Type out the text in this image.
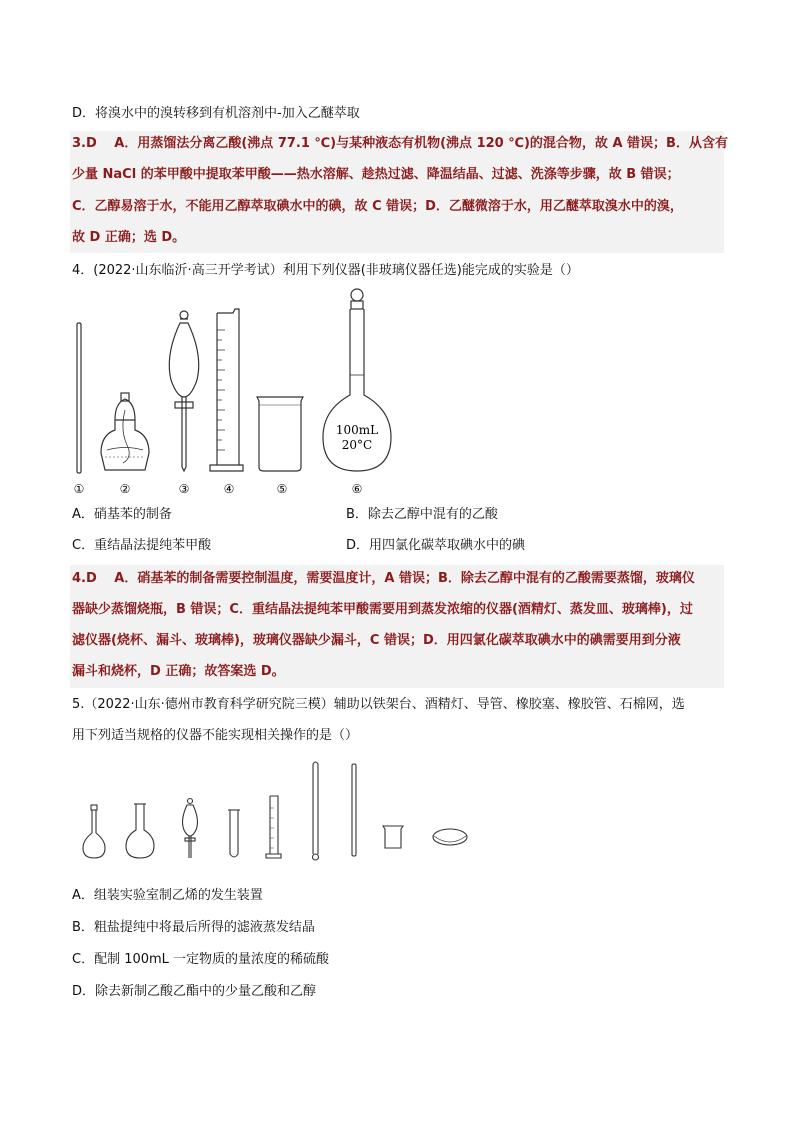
D．将溴水中的溴转移到有机溶剂中-加入乙醚萃取
3.D　 A．用蒸馏法分离乙酸(沸点 77.1 ℃)与某种液态有机物(沸点 120 ℃)的混合物，故 A 错误；B．从含有
少量 NaCl 的苯甲酸中提取苯甲酸——热水溶解、趁热过滤、降温结晶、过滤、洗涤等步骤，故 B 错误；
C．乙醇易溶于水，不能用乙醇萃取碘水中的碘，故 C 错误；D．乙醚微溶于水，用乙醚萃取溴水中的溴，
故 D 正确；选 D。
4．(2022·山东临沂·高三开学考试）利用下列仪器(非玻璃仪器任选)能完成的实验是（）
100mL
20°C
①	②	③	④	⑤	⑥
A．硝基苯的制备	B．除去乙醇中混有的乙酸
C．重结晶法提纯苯甲酸	D．用四氯化碳萃取碘水中的碘
4.D　 A．硝基苯的制备需要控制温度，需要温度计，A 错误；B．除去乙醇中混有的乙酸需要蒸馏，玻璃仪
器缺少蒸馏烧瓶，B 错误；C．重结晶法提纯苯甲酸需要用到蒸发浓缩的仪器(酒精灯、蒸发皿、玻璃棒)，过
滤仪器(烧杯、漏斗、玻璃棒)，玻璃仪器缺少漏斗，C 错误；D．用四氯化碳萃取碘水中的碘需要用到分液
漏斗和烧杯，D 正确；故答案选 D。
5.（2022·山东·德州市教育科学研究院三模）辅助以铁架台、酒精灯、导管、橡胶塞、橡胶管、石棉网，选
用下列适当规格的仪器不能实现相关操作的是（）
A．组装实验室制乙烯的发生装置
B．粗盐提纯中将最后所得的滤液蒸发结晶
C．配制 100mL 一定物质的量浓度的稀硫酸
D．除去新制乙酸乙酯中的少量乙酸和乙醇
